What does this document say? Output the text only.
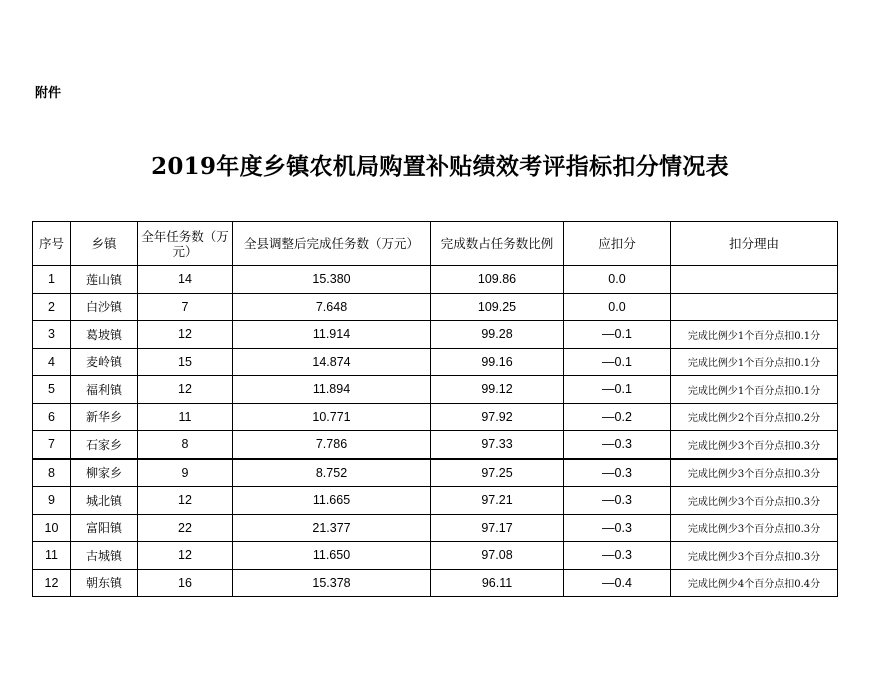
附件
2019年度乡镇农机局购置补贴绩效考评指标扣分情况表
序号	乡镇	全年任务数（万元）	全县调整后完成任务数（万元）	完成数占任务数比例	应扣分	扣分理由
1	莲山镇	14	15.380	109.86	0.0	
2	白沙镇	7	7.648	109.25	0.0	
3	葛坡镇	12	11.914	99.28	—0.1	完成比例少1个百分点扣0.1分
4	麦岭镇	15	14.874	99.16	—0.1	完成比例少1个百分点扣0.1分
5	福利镇	12	11.894	99.12	—0.1	完成比例少1个百分点扣0.1分
6	新华乡	11	10.771	97.92	—0.2	完成比例少2个百分点扣0.2分
7	石家乡	8	7.786	97.33	—0.3	完成比例少3个百分点扣0.3分
8	柳家乡	9	8.752	97.25	—0.3	完成比例少3个百分点扣0.3分
9	城北镇	12	11.665	97.21	—0.3	完成比例少3个百分点扣0.3分
10	富阳镇	22	21.377	97.17	—0.3	完成比例少3个百分点扣0.3分
11	古城镇	12	11.650	97.08	—0.3	完成比例少3个百分点扣0.3分
12	朝东镇	16	15.378	96.11	—0.4	完成比例少4个百分点扣0.4分
